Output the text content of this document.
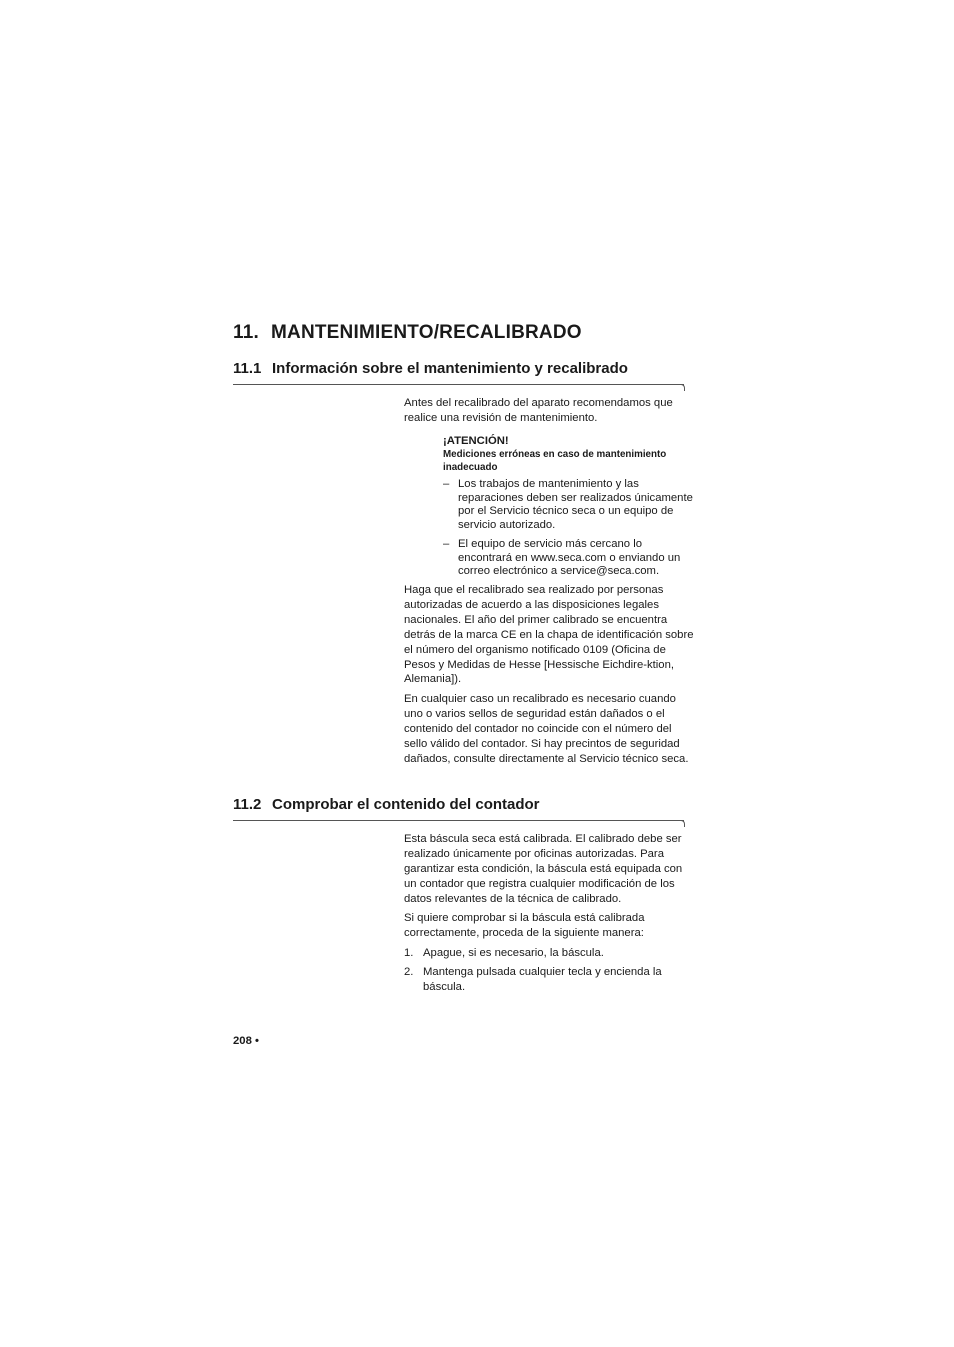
11. MANTENIMIENTO/RECALIBRADO
11.1 Información sobre el mantenimiento y recalibrado

Antes del recalibrado del aparato recomendamos que realice una revisión de mantenimiento.

¡ATENCIÓN!
Mediciones erróneas en caso de mantenimiento inadecuado
– Los trabajos de mantenimiento y las reparaciones deben ser realizados únicamente por el Servicio técnico seca o un equipo de servicio autorizado.
– El equipo de servicio más cercano lo encontrará en www.seca.com o enviando un correo electrónico a service@seca.com.

Haga que el recalibrado sea realizado por personas autorizadas de acuerdo a las disposiciones legales nacionales. El año del primer calibrado se encuentra detrás de la marca CE en la chapa de identificación sobre el número del organismo notificado 0109 (Oficina de Pesos y Medidas de Hesse [Hessische Eichdire-ktion, Alemania]).

En cualquier caso un recalibrado es necesario cuando uno o varios sellos de seguridad están dañados o el contenido del contador no coincide con el número del sello válido del contador. Si hay precintos de seguridad dañados, consulte directamente al Servicio técnico seca.

11.2 Comprobar el contenido del contador

Esta báscula seca está calibrada. El calibrado debe ser realizado únicamente por oficinas autorizadas. Para garantizar esta condición, la báscula está equipada con un contador que registra cualquier modificación de los datos relevantes de la técnica de calibrado.

Si quiere comprobar si la báscula está calibrada correctamente, proceda de la siguiente manera:

1. Apague, si es necesario, la báscula.
2. Mantenga pulsada cualquier tecla y encienda la báscula.
208 •
